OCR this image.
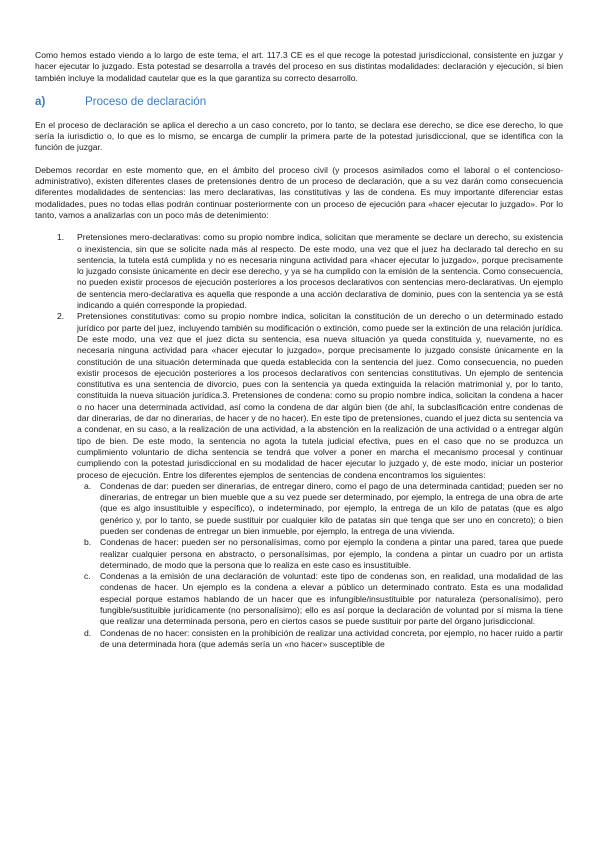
Como hemos estado viendo a lo largo de este tema, el art. 117.3 CE es el que recoge la potestad jurisdiccional, consistente en juzgar y hacer ejecutar lo juzgado. Esta potestad se desarrolla a través del proceso en sus distintas modalidades: declaración y ejecución, si bien también incluye la modalidad cautelar que es la que garantiza su correcto desarrollo.

a)	Proceso de declaración

En el proceso de declaración se aplica el derecho a un caso concreto, por lo tanto, se declara ese derecho, se dice ese derecho, lo que sería la iurisdictio o, lo que es lo mismo, se encarga de cumplir la primera parte de la potestad jurisdiccional, que se identifica con la función de juzgar.

Debemos recordar en este momento que, en el ámbito del proceso civil (y procesos asimilados como el laboral o el contencioso-administrativo), existen diferentes clases de pretensiones dentro de un proceso de declaración, que a su vez darán como consecuencia diferentes modalidades de sentencias: las mero declarativas, las constitutivas y las de condena. Es muy importante diferenciar estas modalidades, pues no todas ellas podrán continuar posteriormente con un proceso de ejecución para «hacer ejecutar lo juzgado». Por lo tanto, vamos a analizarlas con un poco más de detenimiento:

1. Pretensiones mero-declarativas: como su propio nombre indica, solicitan que meramente se declare un derecho, su existencia o inexistencia, sin que se solicite nada más al respecto. De este modo, una vez que el juez ha declarado tal derecho en su sentencia, la tutela está cumplida y no es necesaria ninguna actividad para «hacer ejecutar lo juzgado», porque precisamente lo juzgado consiste únicamente en decir ese derecho, y ya se ha cumplido con la emisión de la sentencia. Como consecuencia, no pueden existir procesos de ejecución posteriores a los procesos declarativos con sentencias mero-declarativas. Un ejemplo de sentencia mero-declarativa es aquella que responde a una acción declarativa de dominio, pues con la sentencia ya se está indicando a quién corresponde la propiedad.
2. Pretensiones constitutivas: como su propio nombre indica, solicitan la constitución de un derecho o un determinado estado jurídico por parte del juez, incluyendo también su modificación o extinción, como puede ser la extinción de una relación jurídica. De este modo, una vez que el juez dicta su sentencia, esa nueva situación ya queda constituida y, nuevamente, no es necesaria ninguna actividad para «hacer ejecutar lo juzgado», porque precisamente lo juzgado consiste únicamente en la constitución de una situación determinada que queda establecida con la sentencia del juez. Como consecuencia, no pueden existir procesos de ejecución posteriores a los procesos declarativos con sentencias constitutivas. Un ejemplo de sentencia constitutiva es una sentencia de divorcio, pues con la sentencia ya queda extinguida la relación matrimonial y, por lo tanto, constituida la nueva situación jurídica.3. Pretensiones de condena: como su propio nombre indica, solicitan la condena a hacer o no hacer una determinada actividad, así como la condena de dar algún bien (de ahí, la subclasificación entre condenas de dar dinerarias, de dar no dinerarias, de hacer y de no hacer). En este tipo de pretensiones, cuando el juez dicta su sentencia va a condenar, en su caso, a la realización de una actividad, a la abstención en la realización de una actividad o a entregar algún tipo de bien. De este modo, la sentencia no agota la tutela judicial efectiva, pues en el caso que no se produzca un cumplimiento voluntario de dicha sentencia se tendrá que volver a poner en marcha el mecanismo procesal y continuar cumpliendo con la potestad jurisdiccional en su modalidad de hacer ejecutar lo juzgado y, de este modo, iniciar un posterior proceso de ejecución. Entre los diferentes ejemplos de sentencias de condena encontramos los siguientes:
a. Condenas de dar: pueden ser dinerarias, de entregar dinero, como el pago de una determinada cantidad; pueden ser no dinerarias, de entregar un bien mueble que a su vez puede ser determinado, por ejemplo, la entrega de una obra de arte (que es algo insustituible y específico), o indeterminado, por ejemplo, la entrega de un kilo de patatas (que es algo genérico y, por lo tanto, se puede sustituir por cualquier kilo de patatas sin que tenga que ser uno en concreto); o bien pueden ser condenas de entregar un bien inmueble, por ejemplo, la entrega de una vivienda.
b. Condenas de hacer: pueden ser no personalísimas, como por ejemplo la condena a pintar una pared, tarea que puede realizar cualquier persona en abstracto, o personalísimas, por ejemplo, la condena a pintar un cuadro por un artista determinado, de modo que la persona que lo realiza en este caso es insustituible.
c. Condenas a la emisión de una declaración de voluntad: este tipo de condenas son, en realidad, una modalidad de las condenas de hacer. Un ejemplo es la condena a elevar a público un determinado contrato. Esta es una modalidad especial porque estamos hablando de un hacer que es infungible/insustituible por naturaleza (personalísimo), pero fungible/sustituible jurídicamente (no personalísimo); ello es así porque la declaración de voluntad por sí misma la tiene que realizar una determinada persona, pero en ciertos casos se puede sustituir por parte del órgano jurisdiccional.
d. Condenas de no hacer: consisten en la prohibición de realizar una actividad concreta, por ejemplo, no hacer ruido a partir de una determinada hora (que además sería un «no hacer» susceptible de
